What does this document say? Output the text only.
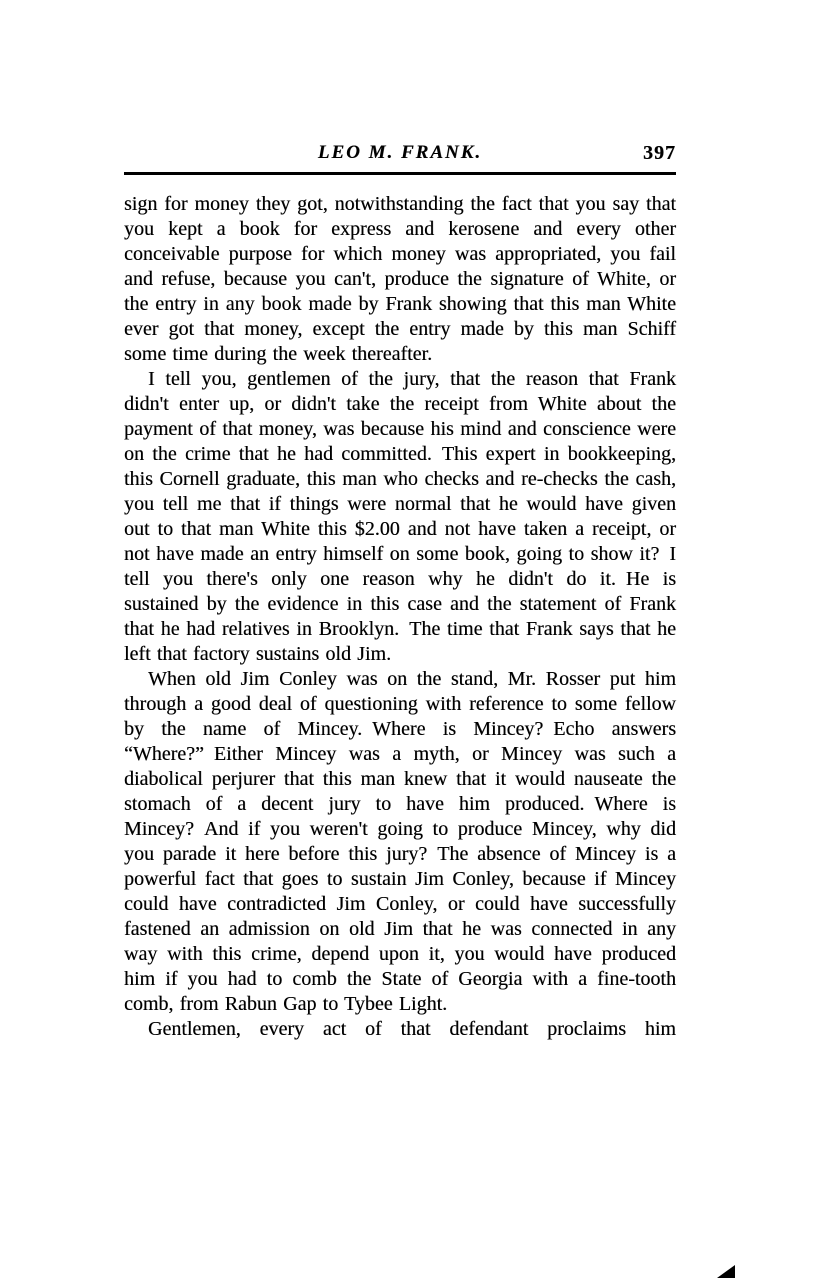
LEO M. FRANK.	397

sign for money they got, notwithstanding the fact that you say that you kept a book for express and kerosene and every other conceivable purpose for which money was appropriated, you fail and refuse, because you can't, produce the signature of White, or the entry in any book made by Frank showing that this man White ever got that money, except the entry made by this man Schiff some time during the week thereafter.

I tell you, gentlemen of the jury, that the reason that Frank didn't enter up, or didn't take the receipt from White about the payment of that money, was because his mind and conscience were on the crime that he had committed. This expert in bookkeeping, this Cornell graduate, this man who checks and re-checks the cash, you tell me that if things were normal that he would have given out to that man White this $2.00 and not have taken a receipt, or not have made an entry himself on some book, going to show it? I tell you there's only one reason why he didn't do it. He is sustained by the evidence in this case and the statement of Frank that he had relatives in Brooklyn. The time that Frank says that he left that factory sustains old Jim.

When old Jim Conley was on the stand, Mr. Rosser put him through a good deal of questioning with reference to some fellow by the name of Mincey. Where is Mincey? Echo answers “Where?” Either Mincey was a myth, or Mincey was such a diabolical perjurer that this man knew that it would nauseate the stomach of a decent jury to have him produced. Where is Mincey? And if you weren't going to produce Mincey, why did you parade it here before this jury? The absence of Mincey is a powerful fact that goes to sustain Jim Conley, because if Mincey could have contradicted Jim Conley, or could have successfully fastened an admission on old Jim that he was connected in any way with this crime, depend upon it, you would have produced him if you had to comb the State of Georgia with a fine-tooth comb, from Rabun Gap to Tybee Light.

Gentlemen, every act of that defendant proclaims him
